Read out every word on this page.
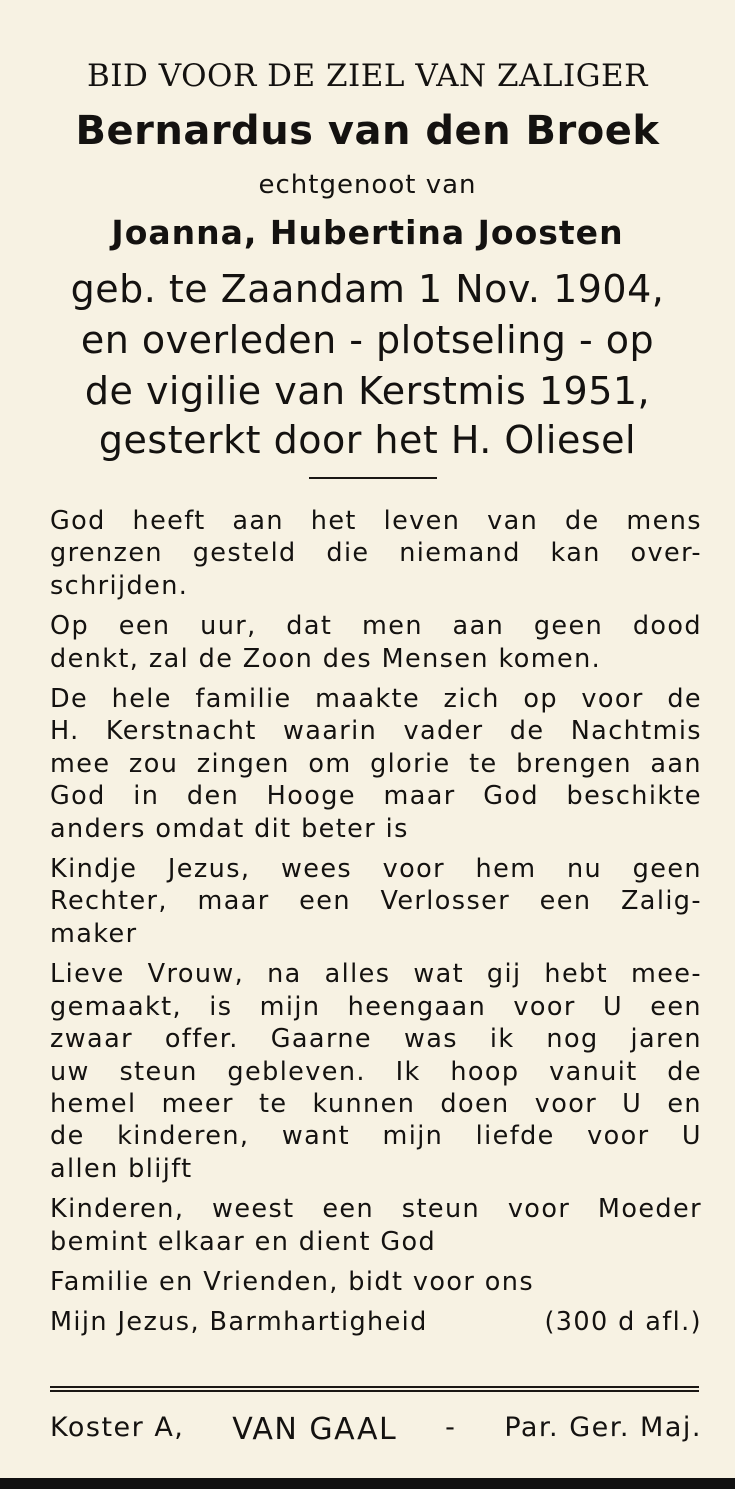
BID VOOR DE ZIEL VAN ZALIGER
Bernardus van den Broek
echtgenoot van
Joanna, Hubertina Joosten
geb. te Zaandam 1 Nov. 1904,
en overleden - plotseling - op
de vigilie van Kerstmis 1951,
gesterkt door het H. Oliesel
God heeft aan het leven van de mens
grenzen gesteld die niemand kan over-
schrijden.
Op een uur, dat men aan geen dood
denkt, zal de Zoon des Mensen komen.
De hele familie maakte zich op voor de
H. Kerstnacht waarin vader de Nachtmis
mee zou zingen om glorie te brengen aan
God in den Hooge maar God beschikte
anders omdat dit beter is
Kindje Jezus, wees voor hem nu geen
Rechter, maar een Verlosser een Zalig-
maker
Lieve Vrouw, na alles wat gij hebt mee-
gemaakt, is mijn heengaan voor U een
zwaar offer. Gaarne was ik nog jaren
uw steun gebleven. Ik hoop vanuit de
hemel meer te kunnen doen voor U en
de kinderen, want mijn liefde voor U
allen blijft
Kinderen, weest een steun voor Moeder
bemint elkaar en dient God
Familie en Vrienden, bidt voor ons
Mijn Jezus, Barmhartigheid	(300 d afl.)
Koster A, VAN GAAL - Par. Ger. Maj.
